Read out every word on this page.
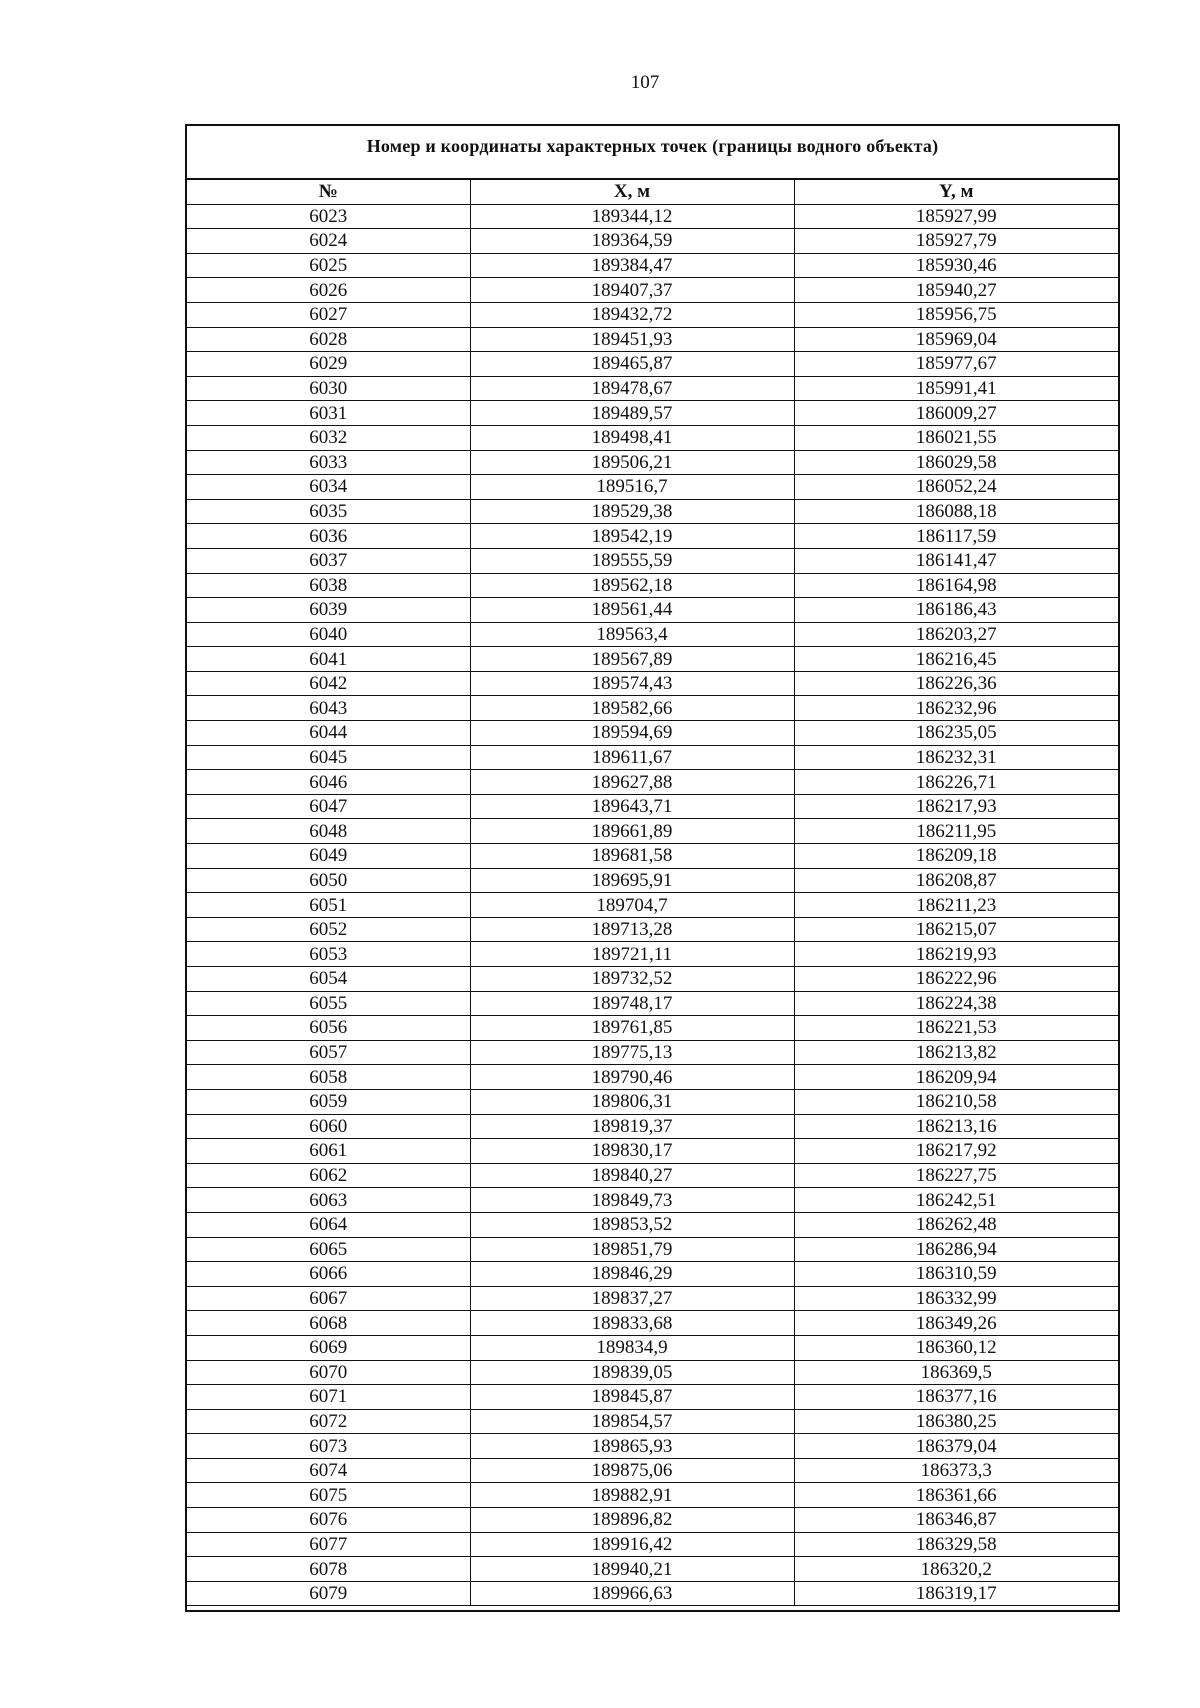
107
Номер и координаты характерных точек (границы водного объекта)
№	X, м	Y, м
6023	189344,12	185927,99
6024	189364,59	185927,79
6025	189384,47	185930,46
6026	189407,37	185940,27
6027	189432,72	185956,75
6028	189451,93	185969,04
6029	189465,87	185977,67
6030	189478,67	185991,41
6031	189489,57	186009,27
6032	189498,41	186021,55
6033	189506,21	186029,58
6034	189516,7	186052,24
6035	189529,38	186088,18
6036	189542,19	186117,59
6037	189555,59	186141,47
6038	189562,18	186164,98
6039	189561,44	186186,43
6040	189563,4	186203,27
6041	189567,89	186216,45
6042	189574,43	186226,36
6043	189582,66	186232,96
6044	189594,69	186235,05
6045	189611,67	186232,31
6046	189627,88	186226,71
6047	189643,71	186217,93
6048	189661,89	186211,95
6049	189681,58	186209,18
6050	189695,91	186208,87
6051	189704,7	186211,23
6052	189713,28	186215,07
6053	189721,11	186219,93
6054	189732,52	186222,96
6055	189748,17	186224,38
6056	189761,85	186221,53
6057	189775,13	186213,82
6058	189790,46	186209,94
6059	189806,31	186210,58
6060	189819,37	186213,16
6061	189830,17	186217,92
6062	189840,27	186227,75
6063	189849,73	186242,51
6064	189853,52	186262,48
6065	189851,79	186286,94
6066	189846,29	186310,59
6067	189837,27	186332,99
6068	189833,68	186349,26
6069	189834,9	186360,12
6070	189839,05	186369,5
6071	189845,87	186377,16
6072	189854,57	186380,25
6073	189865,93	186379,04
6074	189875,06	186373,3
6075	189882,91	186361,66
6076	189896,82	186346,87
6077	189916,42	186329,58
6078	189940,21	186320,2
6079	189966,63	186319,17
